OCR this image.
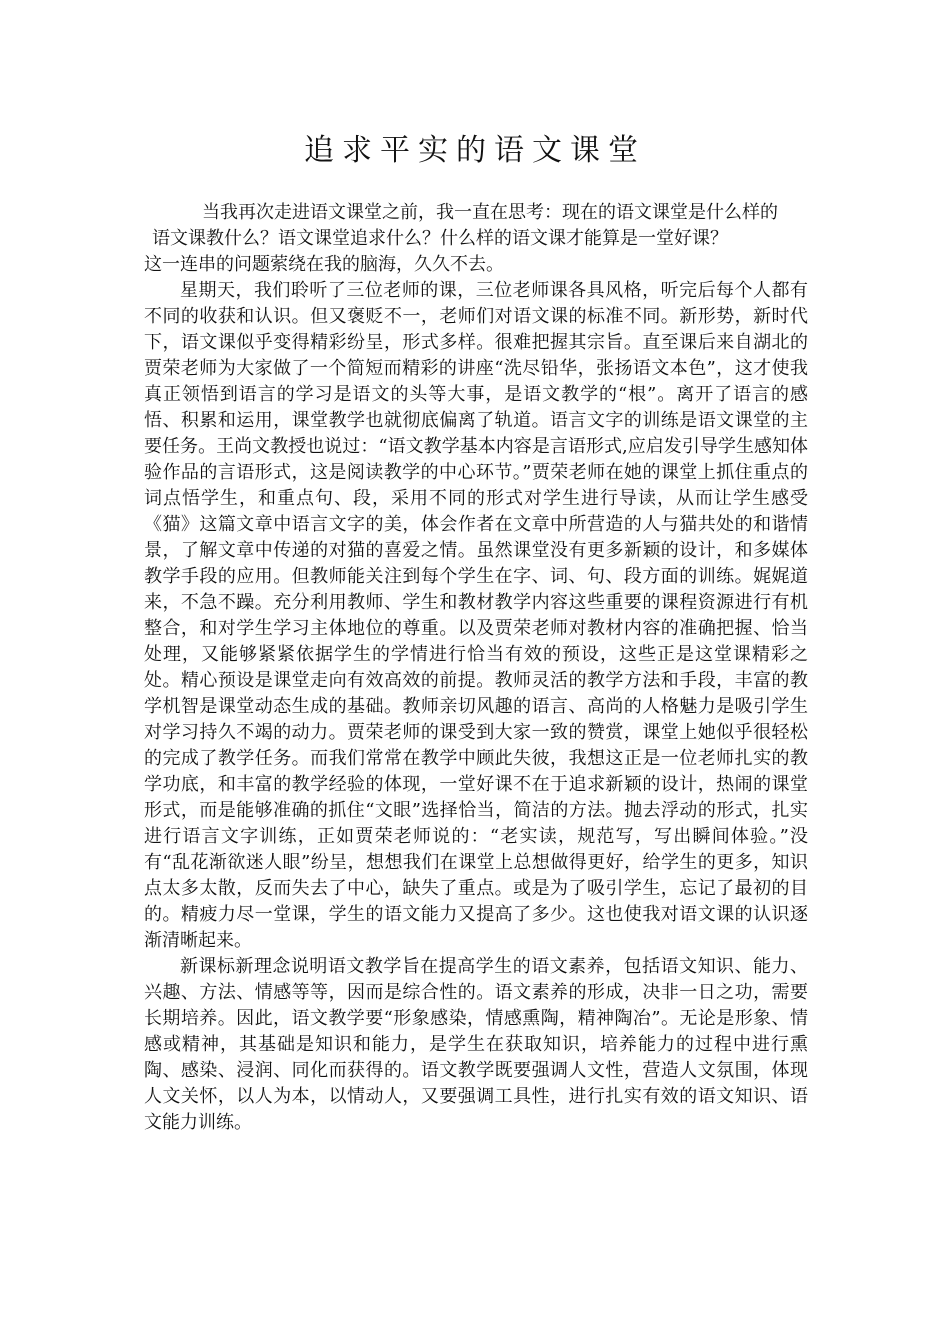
追求平实的语文课堂

当我再次走进语文课堂之前，我一直在思考：现在的语文课堂是什么样的

语文课教什么？语文课堂追求什么？什么样的语文课才能算是一堂好课？

这一连串的问题萦绕在我的脑海，久久不去。

星期天，我们聆听了三位老师的课，三位老师课各具风格，听完后每个人都有不同的收获和认识。但又褒贬不一，老师们对语文课的标准不同。新形势，新时代下，语文课似乎变得精彩纷呈，形式多样。很难把握其宗旨。直至课后来自湖北的贾荣老师为大家做了一个简短而精彩的讲座“洗尽铅华，张扬语文本色”，这才使我真正领悟到语言的学习是语文的头等大事，是语文教学的“根”。离开了语言的感悟、积累和运用，课堂教学也就彻底偏离了轨道。语言文字的训练是语文课堂的主要任务。王尚文教授也说过：“语文教学基本内容是言语形式,应启发引导学生感知体验作品的言语形式，这是阅读教学的中心环节。”贾荣老师在她的课堂上抓住重点的词点悟学生，和重点句、段，采用不同的形式对学生进行导读，从而让学生感受《猫》这篇文章中语言文字的美，体会作者在文章中所营造的人与猫共处的和谐情景，了解文章中传递的对猫的喜爱之情。虽然课堂没有更多新颖的设计，和多媒体教学手段的应用。但教师能关注到每个学生在字、词、句、段方面的训练。娓娓道来，不急不躁。充分利用教师、学生和教材教学内容这些重要的课程资源进行有机整合，和对学生学习主体地位的尊重。以及贾荣老师对教材内容的准确把握、恰当处理，又能够紧紧依据学生的学情进行恰当有效的预设，这些正是这堂课精彩之处。精心预设是课堂走向有效高效的前提。教师灵活的教学方法和手段，丰富的教学机智是课堂动态生成的基础。教师亲切风趣的语言、高尚的人格魅力是吸引学生对学习持久不竭的动力。贾荣老师的课受到大家一致的赞赏，课堂上她似乎很轻松的完成了教学任务。而我们常常在教学中顾此失彼，我想这正是一位老师扎实的教学功底，和丰富的教学经验的体现，一堂好课不在于追求新颖的设计，热闹的课堂形式，而是能够准确的抓住“文眼”选择恰当，简洁的方法。抛去浮动的形式，扎实进行语言文字训练，正如贾荣老师说的：“老实读，规范写，写出瞬间体验。”没有“乱花渐欲迷人眼”纷呈，想想我们在课堂上总想做得更好，给学生的更多，知识点太多太散，反而失去了中心，缺失了重点。或是为了吸引学生，忘记了最初的目的。精疲力尽一堂课，学生的语文能力又提高了多少。这也使我对语文课的认识逐渐清晰起来。

新课标新理念说明语文教学旨在提高学生的语文素养，包括语文知识、能力、兴趣、方法、情感等等，因而是综合性的。语文素养的形成，决非一日之功，需要长期培养。因此，语文教学要“形象感染，情感熏陶，精神陶冶”。无论是形象、情感或精神，其基础是知识和能力，是学生在获取知识，培养能力的过程中进行熏陶、感染、浸润、同化而获得的。语文教学既要强调人文性，营造人文氛围，体现人文关怀，以人为本，以情动人，又要强调工具性，进行扎实有效的语文知识、语文能力训练。
